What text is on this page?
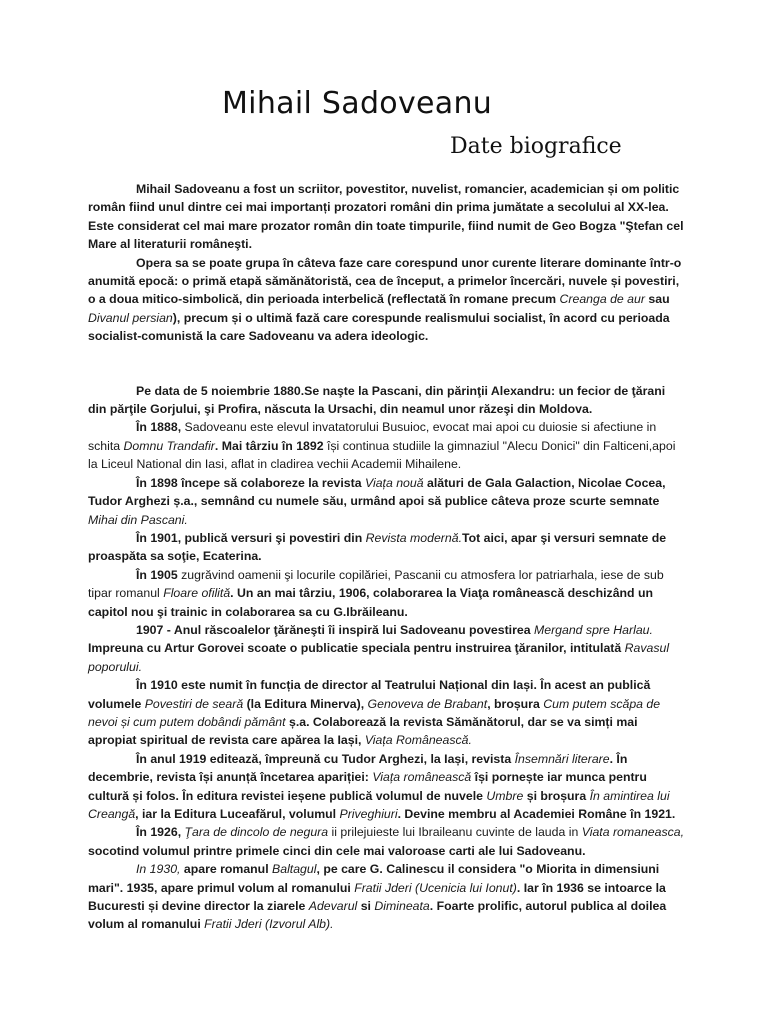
Mihail Sadoveanu
Date biografice

Mihail Sadoveanu a fost un scriitor, povestitor, nuvelist, romancier, academician și om politic român fiind unul dintre cei mai importanți prozatori români din prima jumătate a secolului al XX-lea. Este considerat cel mai mare prozator român din toate timpurile, fiind numit de Geo Bogza "Ştefan cel Mare al literaturii româneşti.

Opera sa se poate grupa în câteva faze care corespund unor curente literare dominante într-o anumită epocă: o primă etapă sămănătoristă, cea de început, a primelor încercări, nuvele și povestiri, o a doua mitico-simbolică, din perioada interbelică (reflectată în romane precum Creanga de aur sau Divanul persian), precum și o ultimă fază care corespunde realismului socialist, în acord cu perioada socialist-comunistă la care Sadoveanu va adera ideologic.

Pe data de 5 noiembrie 1880.Se naşte la Pascani, din părinţii Alexandru: un fecior de ţărani din părţile Gorjului, şi Profira, născuta la Ursachi, din neamul unor răzeşi din Moldova.

În 1888, Sadoveanu este elevul invatatorului Busuioc, evocat mai apoi cu duiosie si afectiune in schita Domnu Trandafir. Mai târziu în 1892 își continua studiile la gimnaziul "Alecu Donici" din Falticeni,apoi la Liceul National din Iasi, aflat in cladirea vechii Academii Mihailene.

În 1898 începe să colaboreze la revista Viața nouă alături de Gala Galaction, Nicolae Cocea, Tudor Arghezi ș.a., semnând cu numele său, urmând apoi să publice câteva proze scurte semnate Mihai din Pascani.

În 1901, publică versuri şi povestiri din Revista modernă.Tot aici, apar şi versuri semnate de proaspăta sa soţie, Ecaterina.

În 1905 zugrăvind oamenii şi locurile copilăriei, Pascanii cu atmosfera lor patriarhala, iese de sub tipar romanul Floare ofilită. Un an mai târziu, 1906, colaborarea la Viaţa românească deschizând un capitol nou şi trainic in colaborarea sa cu G.Ibrăileanu.

1907 - Anul răscoalelor ţărăneşti îi inspiră lui Sadoveanu povestirea Mergand spre Harlau. Impreuna cu Artur Gorovei scoate o publicatie speciala pentru instruirea ţăranilor, intitulată Ravasul poporului.

În 1910 este numit în funcția de director al Teatrului Național din Iași. În acest an publică volumele Povestiri de seară (la Editura Minerva), Genoveva de Brabant, broșura Cum putem scăpa de nevoi și cum putem dobândi pământ ș.a. Colaborează la revista Sămănătorul, dar se va simți mai apropiat spiritual de revista care apărea la Iași, Viața Românească.

În anul 1919 editează, împreună cu Tudor Arghezi, la Iași, revista Însemnări literare. În decembrie, revista își anunță încetarea apariției: Viața românească își pornește iar munca pentru cultură și folos. În editura revistei ieșene publică volumul de nuvele Umbre și broșura În amintirea lui Creangă, iar la Editura Luceafărul, volumul Priveghiuri. Devine membru al Academiei Române în 1921.

În 1926, Ţara de dincolo de negura ii prilejuieste lui Ibraileanu cuvinte de lauda in Viata romaneasca, socotind volumul printre primele cinci din cele mai valoroase carti ale lui Sadoveanu.

In 1930, apare romanul Baltagul, pe care G. Calinescu il considera "o Miorita in dimensiuni mari". 1935, apare primul volum al romanului Fratii Jderi (Ucenicia lui Ionut). Iar în 1936 se intoarce la Bucuresti și devine director la ziarele Adevarul si Dimineata. Foarte prolific, autorul publica al doilea volum al romanului Fratii Jderi (Izvorul Alb).
